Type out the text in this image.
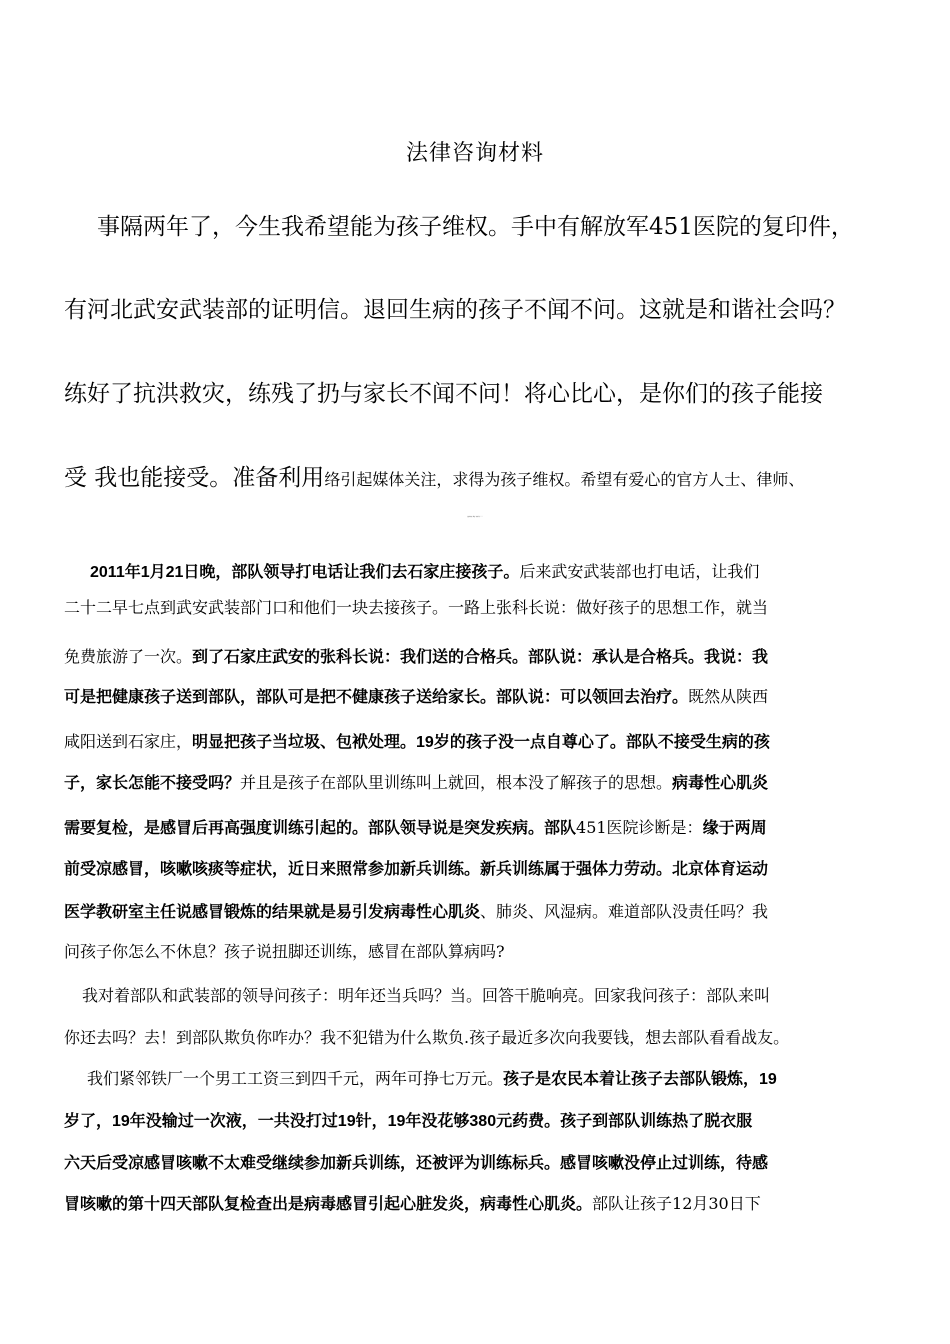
法律咨询材料
事隔两年了，今生我希望能为孩子维权。手中有解放军451医院的复印件，
有河北武安武装部的证明信。退回生病的孩子不闻不问。这就是和谐社会吗？
练好了抗洪救灾，练残了扔与家长不闻不问！将心比心，是你们的孩子能接
受 我也能接受。准备利用络引起媒体关注，求得为孩子维权。希望有爱心的官方人士、律师、
记者帮助孩子维权！谢谢你们！！！
2011年1月21日晚，部队领导打电话让我们去石家庄接孩子。后来武安武装部也打电话，让我们
二十二早七点到武安武装部门口和他们一块去接孩子。一路上张科长说：做好孩子的思想工作，就当
免费旅游了一次。到了石家庄武安的张科长说：我们送的合格兵。部队说：承认是合格兵。我说：我
可是把健康孩子送到部队，部队可是把不健康孩子送给家长。部队说：可以领回去治疗。既然从陕西
咸阳送到石家庄，明显把孩子当垃圾、包袱处理。19岁的孩子没一点自尊心了。部队不接受生病的孩
子，家长怎能不接受吗？并且是孩子在部队里训练叫上就回，根本没了解孩子的思想。病毒性心肌炎
需要复检，是感冒后再高强度训练引起的。部队领导说是突发疾病。部队451医院诊断是：缘于两周
前受凉感冒，咳嗽咳痰等症状，近日来照常参加新兵训练。新兵训练属于强体力劳动。北京体育运动
医学教研室主任说感冒锻炼的结果就是易引发病毒性心肌炎、肺炎、风湿病。难道部队没责任吗？我
问孩子你怎么不休息？孩子说扭脚还训练，感冒在部队算病吗?
我对着部队和武装部的领导问孩子：明年还当兵吗？当。回答干脆响亮。回家我问孩子：部队来叫
你还去吗？去！到部队欺负你咋办？我不犯错为什么欺负.孩子最近多次向我要钱，想去部队看看战友。
我们紧邻铁厂一个男工工资三到四千元，两年可挣七万元。孩子是农民本着让孩子去部队锻炼，19
岁了，19年没输过一次液，一共没打过19针，19年没花够380元药费。孩子到部队训练热了脱衣服
六天后受凉感冒咳嗽不太难受继续参加新兵训练，还被评为训练标兵。感冒咳嗽没停止过训练，待感
冒咳嗽的第十四天部队复检查出是病毒感冒引起心脏发炎，病毒性心肌炎。部队让孩子12月30日下
